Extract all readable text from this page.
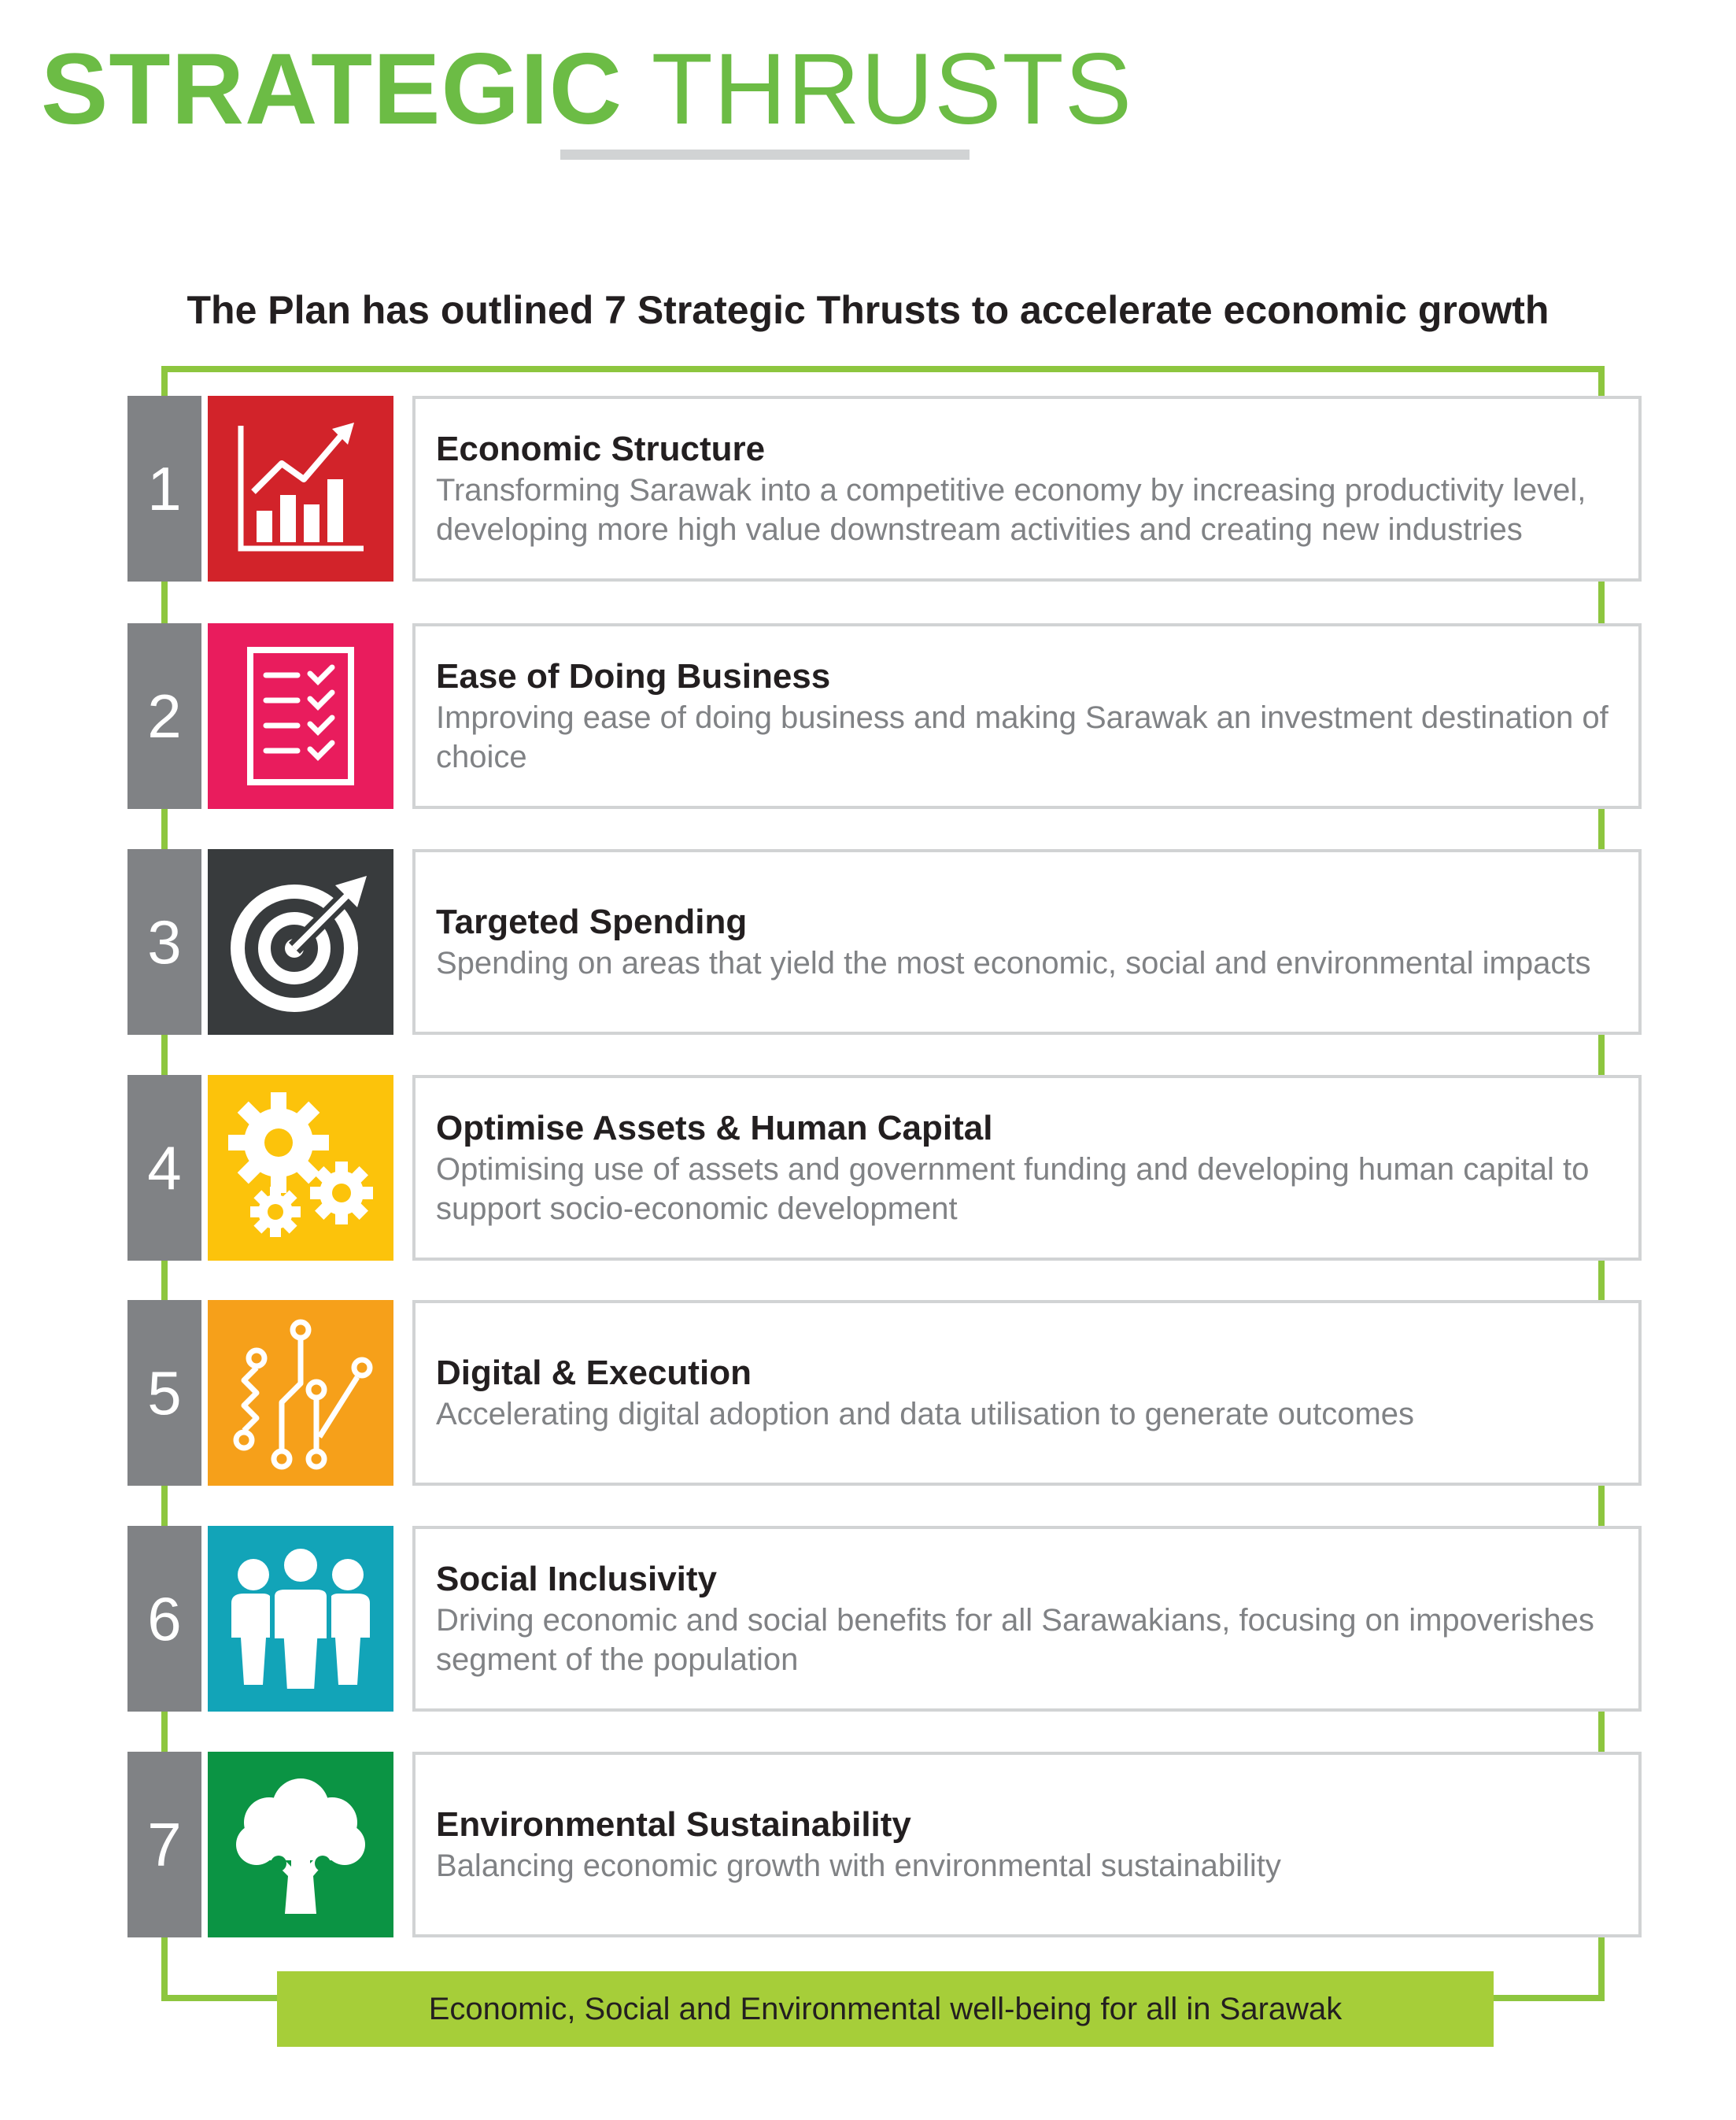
STRATEGIC THRUSTS
The Plan has outlined 7 Strategic Thrusts to accelerate economic growth
1
Economic Structure
Transforming Sarawak into a competitive economy by increasing productivity level, developing more high value downstream activities and creating new industries
2
Ease of Doing Business
Improving ease of doing business and making Sarawak an investment destination of choice
3	Targeted Spending
Spending on areas that yield the most economic, social and environmental impacts
4
Optimise Assets & Human Capital
Optimising use of assets and government funding and developing human capital to support socio-economic development
5	Digital & Execution
Accelerating digital adoption and data utilisation to generate outcomes
6
Social Inclusivity
Driving economic and social benefits for all Sarawakians, focusing on impoverishes segment of the population
7	Environmental Sustainability
Balancing economic growth with environmental sustainability
Economic, Social and Environmental well-being for all in Sarawak
